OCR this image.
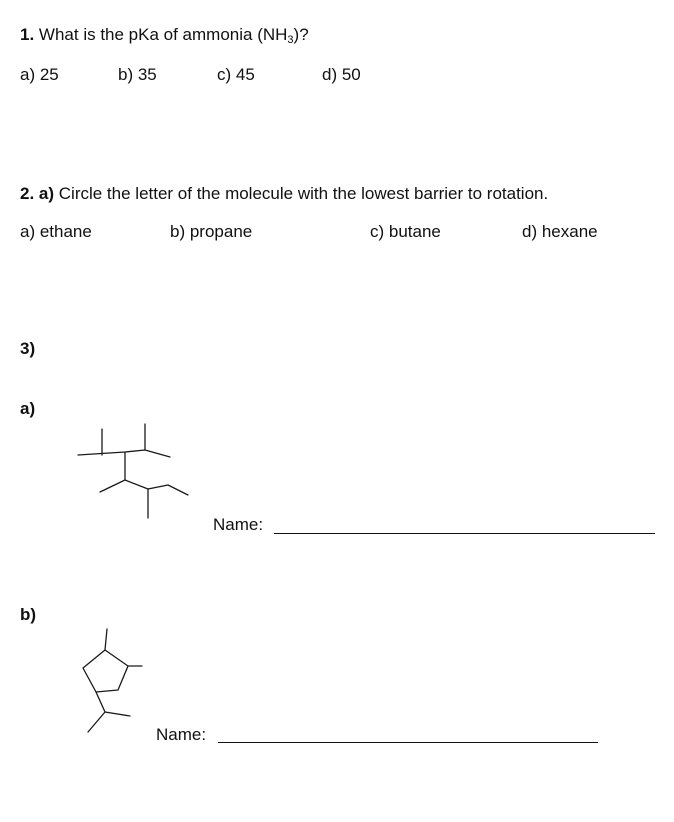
1. What is the pKa of ammonia $(NH_3)$?
a) 25	b) 35	c) 45	d) 50
2. a) Circle the letter of the molecule with the lowest barrier to rotation.
a) ethane	b) propane	c) butane	d) hexane
3)
a)
Name:
b)
Name:
